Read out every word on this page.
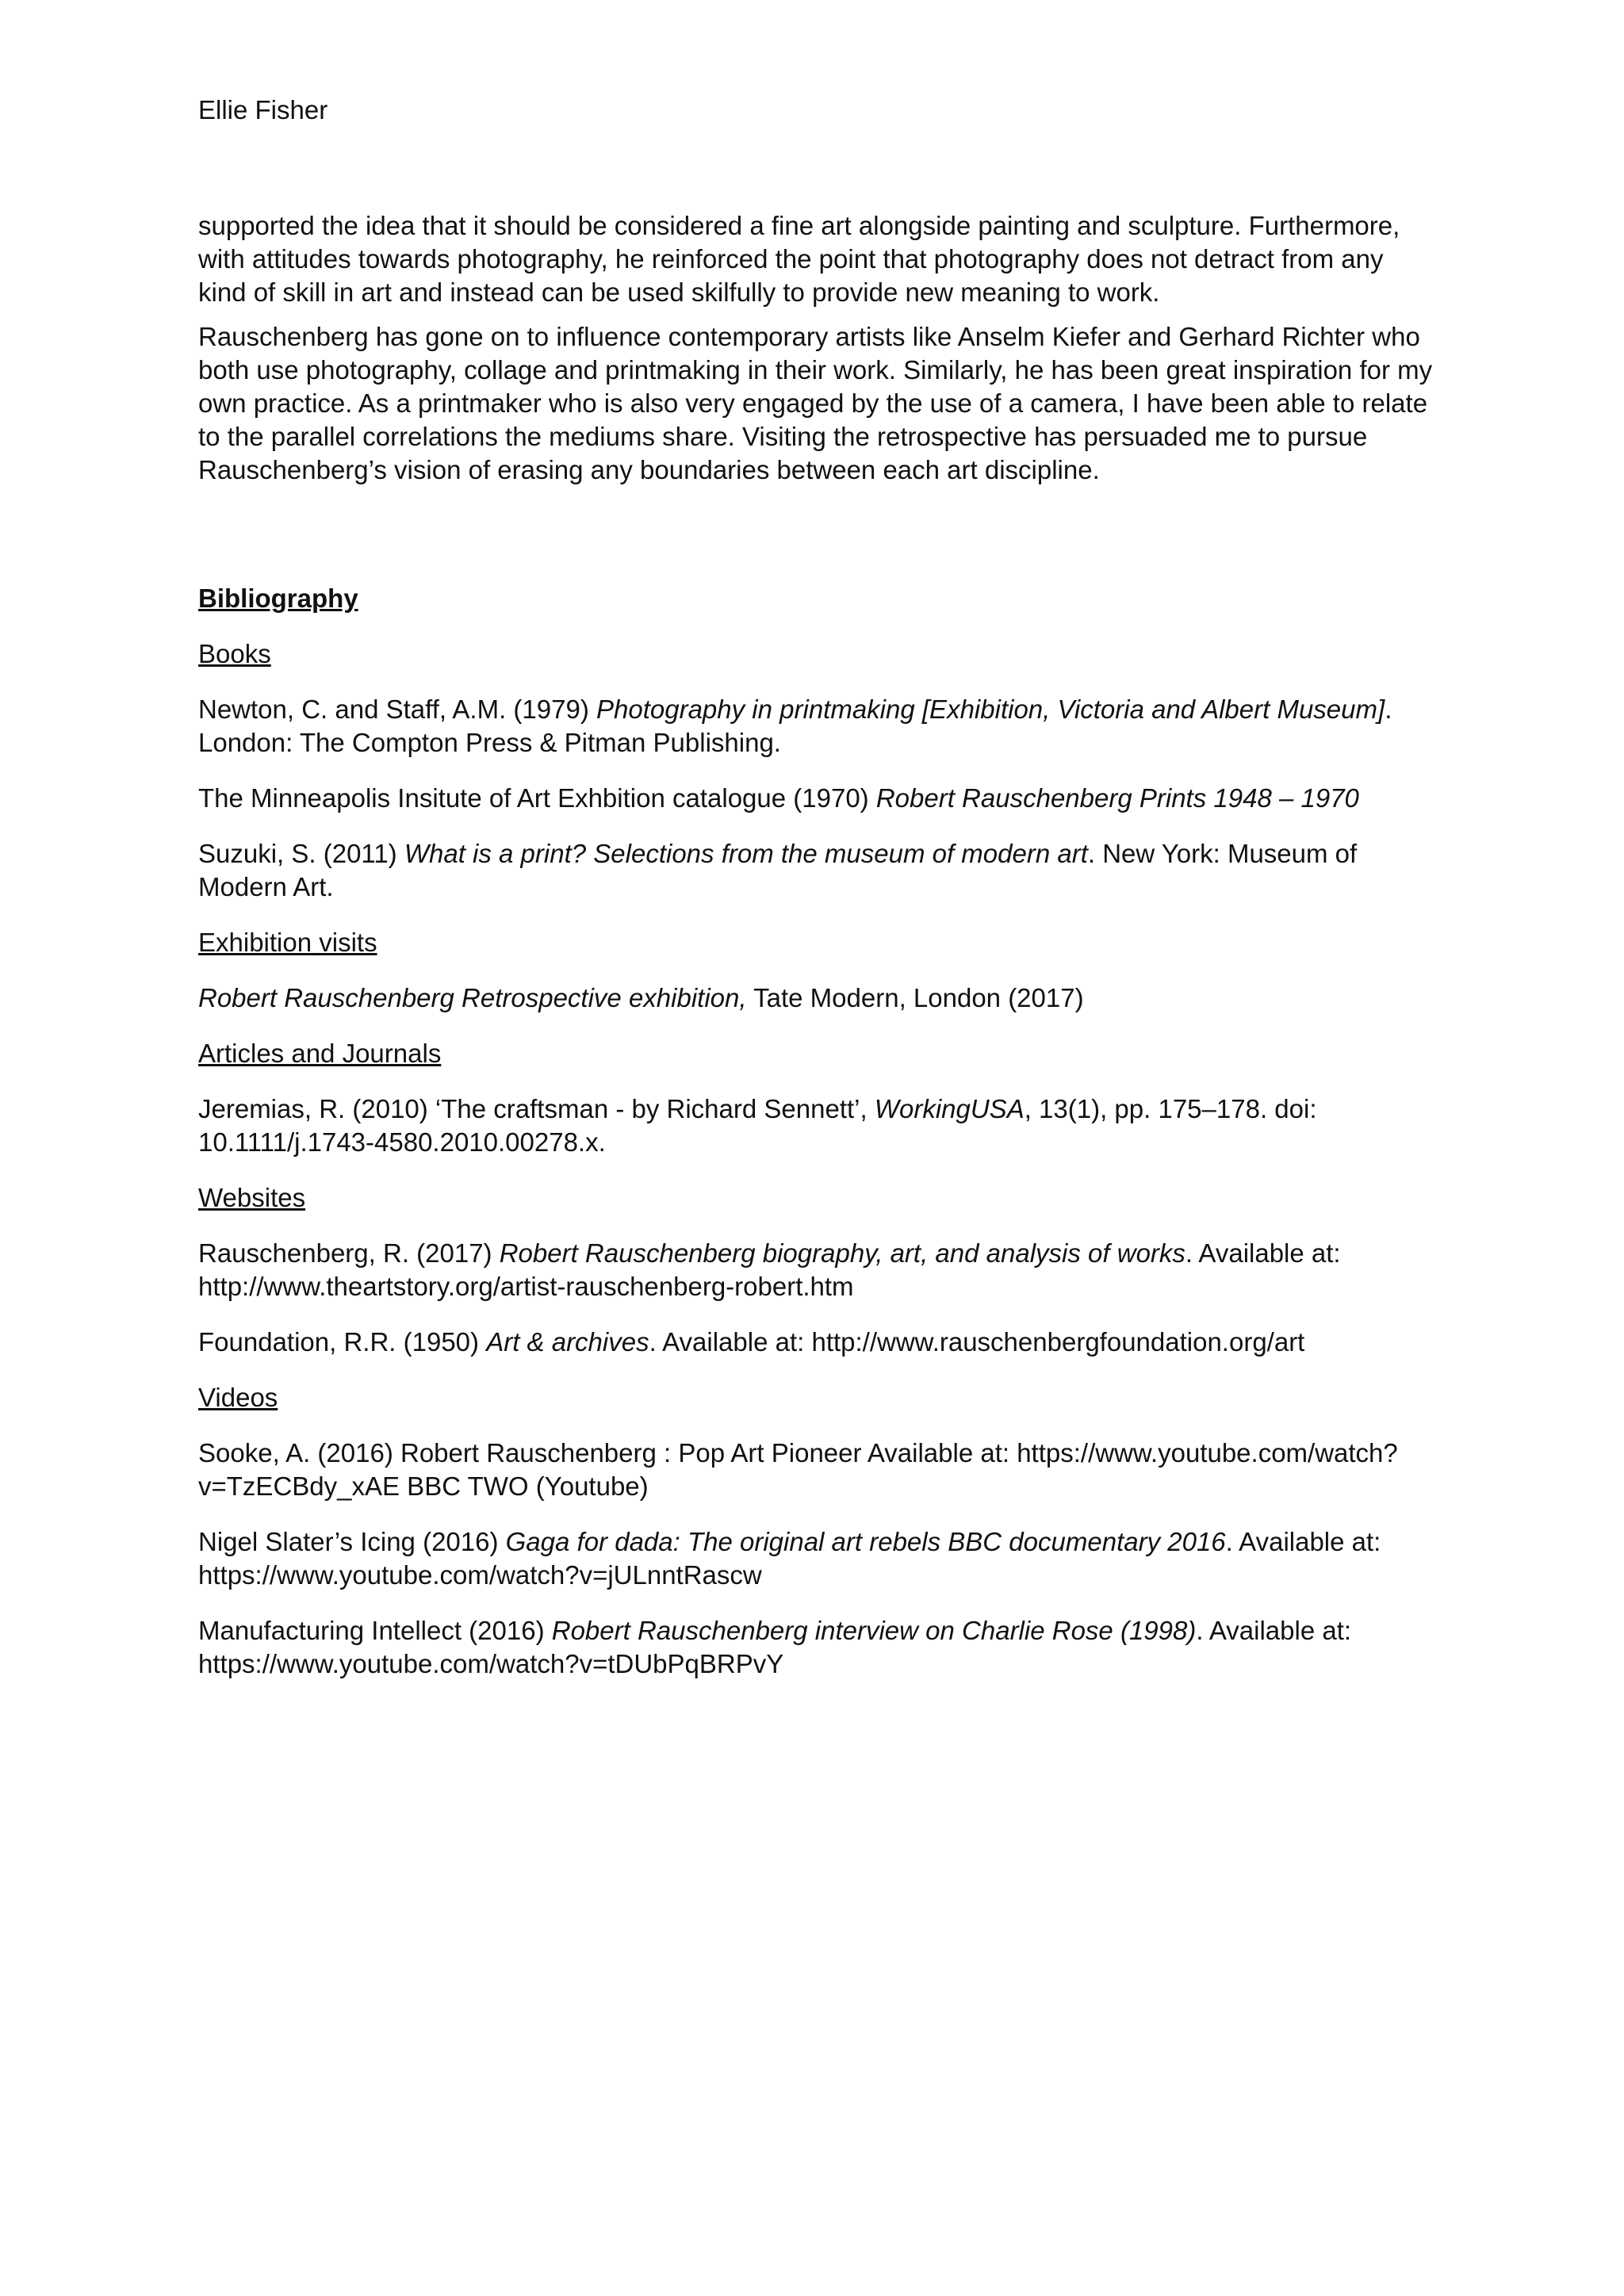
Ellie Fisher

supported the idea that it should be considered a fine art alongside painting and sculpture. Furthermore, with attitudes towards photography, he reinforced the point that photography does not detract from any kind of skill in art and instead can be used skilfully to provide new meaning to work.

Rauschenberg has gone on to influence contemporary artists like Anselm Kiefer and Gerhard Richter who both use photography, collage and printmaking in their work. Similarly, he has been great inspiration for my own practice. As a printmaker who is also very engaged by the use of a camera, I have been able to relate to the parallel correlations the mediums share. Visiting the retrospective has persuaded me to pursue Rauschenberg’s vision of erasing any boundaries between each art discipline.

Bibliography
Books
Newton, C. and Staff, A.M. (1979) Photography in printmaking [Exhibition, Victoria and Albert Museum]. London: The Compton Press & Pitman Publishing.
The Minneapolis Insitute of Art Exhbition catalogue (1970) Robert Rauschenberg Prints 1948 – 1970
Suzuki, S. (2011) What is a print? Selections from the museum of modern art. New York: Museum of Modern Art.
Exhibition visits
Robert Rauschenberg Retrospective exhibition, Tate Modern, London (2017)
Articles and Journals
Jeremias, R. (2010) ‘The craftsman - by Richard Sennett’, WorkingUSA, 13(1), pp. 175–178. doi: 10.1111/j.1743-4580.2010.00278.x.
Websites
Rauschenberg, R. (2017) Robert Rauschenberg biography, art, and analysis of works. Available at: http://www.theartstory.org/artist-rauschenberg-robert.htm
Foundation, R.R. (1950) Art & archives. Available at: http://www.rauschenbergfoundation.org/art
Videos
Sooke, A. (2016) Robert Rauschenberg : Pop Art Pioneer Available at: https://www.youtube.com/watch?v=TzECBdy_xAE BBC TWO (Youtube)
Nigel Slater’s Icing (2016) Gaga for dada: The original art rebels BBC documentary 2016. Available at: https://www.youtube.com/watch?v=jULnntRascw
Manufacturing Intellect (2016) Robert Rauschenberg interview on Charlie Rose (1998). Available at: https://www.youtube.com/watch?v=tDUbPqBRPvY
